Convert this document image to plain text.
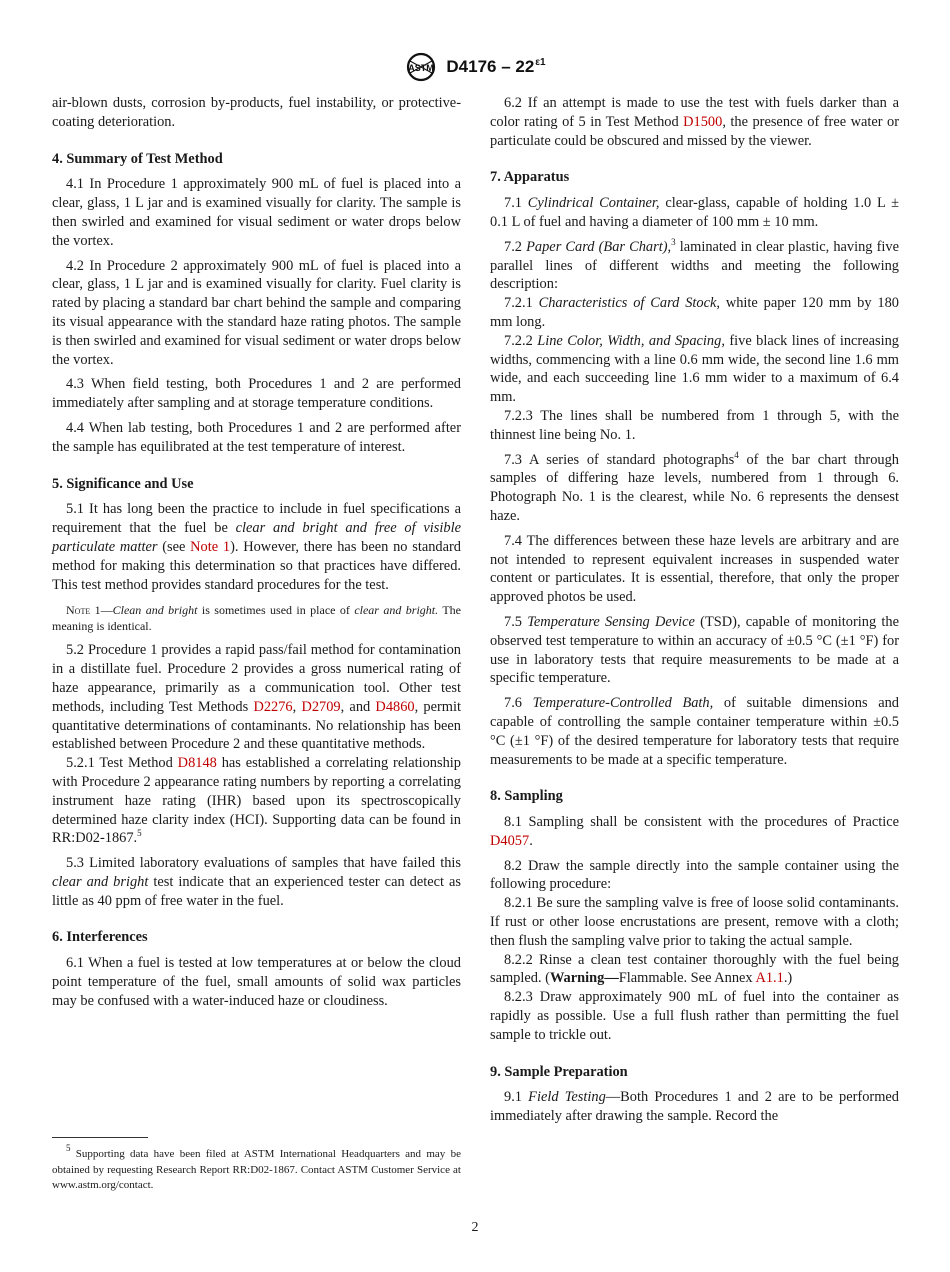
ASTM $D4176 - 22^{\varepsilon 1}$

air-blown dusts, corrosion by-products, fuel instability, or protective-coating deterioration.

4. Summary of Test Method

4.1 In Procedure 1 approximately 900 mL of fuel is placed into a clear, glass, 1 L jar and is examined visually for clarity. The sample is then swirled and examined for visual sediment or water drops below the vortex.

4.2 In Procedure 2 approximately 900 mL of fuel is placed into a clear, glass, 1 L jar and is examined visually for clarity. Fuel clarity is rated by placing a standard bar chart behind the sample and comparing its visual appearance with the standard haze rating photos. The sample is then swirled and examined for visual sediment or water drops below the vortex.

4.3 When field testing, both Procedures 1 and 2 are performed immediately after sampling and at storage temperature conditions.

4.4 When lab testing, both Procedures 1 and 2 are performed after the sample has equilibrated at the test temperature of interest.

5. Significance and Use

5.1 It has long been the practice to include in fuel specifications a requirement that the fuel be clear and bright and free of visible particulate matter (see Note 1). However, there has been no standard method for making this determination so that practices have differed. This test method provides standard procedures for the test.

Note 1—Clean and bright is sometimes used in place of clear and bright. The meaning is identical.

5.2 Procedure 1 provides a rapid pass/fail method for contamination in a distillate fuel. Procedure 2 provides a gross numerical rating of haze appearance, primarily as a communication tool. Other test methods, including Test Methods D2276, D2709, and D4860, permit quantitative determinations of contaminants. No relationship has been established between Procedure 2 and these quantitative methods.

5.2.1 Test Method D8148 has established a correlating relationship with Procedure 2 appearance rating numbers by reporting a correlating instrument haze rating (IHR) based upon its spectroscopically determined haze clarity index (HCI). Supporting data can be found in RR:D02-1867.$^5$

5.3 Limited laboratory evaluations of samples that have failed this clear and bright test indicate that an experienced tester can detect as little as 40 ppm of free water in the fuel.

6. Interferences

6.1 When a fuel is tested at low temperatures at or below the cloud point temperature of the fuel, small amounts of solid wax particles may be confused with a water-induced haze or cloudiness.

6.2 If an attempt is made to use the test with fuels darker than a color rating of 5 in Test Method D1500, the presence of free water or particulate could be obscured and missed by the viewer.

7. Apparatus

7.1 Cylindrical Container, clear-glass, capable of holding 1.0 L ± 0.1 L of fuel and having a diameter of 100 mm ± 10 mm.

7.2 Paper Card (Bar Chart),$^3$ laminated in clear plastic, having five parallel lines of different widths and meeting the following description:

7.2.1 Characteristics of Card Stock, white paper 120 mm by 180 mm long.

7.2.2 Line Color, Width, and Spacing, five black lines of increasing widths, commencing with a line 0.6 mm wide, the second line 1.6 mm wide, and each succeeding line 1.6 mm wider to a maximum of 6.4 mm.

7.2.3 The lines shall be numbered from 1 through 5, with the thinnest line being No. 1.

7.3 A series of standard photographs$^4$ of the bar chart through samples of differing haze levels, numbered from 1 through 6. Photograph No. 1 is the clearest, while No. 6 represents the densest haze.

7.4 The differences between these haze levels are arbitrary and are not intended to represent equivalent increases in suspended water content or particulates. It is essential, therefore, that only the proper approved photos be used.

7.5 Temperature Sensing Device (TSD), capable of monitoring the observed test temperature to within an accuracy of ±0.5 °C (±1 °F) for use in laboratory tests that require measurements to be made at a specific temperature.

7.6 Temperature-Controlled Bath, of suitable dimensions and capable of controlling the sample container temperature within ±0.5 °C (±1 °F) of the desired temperature for laboratory tests that require measurements to be made at a specific temperature.

8. Sampling

8.1 Sampling shall be consistent with the procedures of Practice D4057.

8.2 Draw the sample directly into the sample container using the following procedure:

8.2.1 Be sure the sampling valve is free of loose solid contaminants. If rust or other loose encrustations are present, remove with a cloth; then flush the sampling valve prior to taking the actual sample.

8.2.2 Rinse a clean test container thoroughly with the fuel being sampled. (Warning—Flammable. See Annex A1.1.)

8.2.3 Draw approximately 900 mL of fuel into the container as rapidly as possible. Use a full flush rather than permitting the fuel sample to trickle out.

9. Sample Preparation

9.1 Field Testing—Both Procedures 1 and 2 are to be performed immediately after drawing the sample. Record the

$^5$ Supporting data have been filed at ASTM International Headquarters and may be obtained by requesting Research Report RR:D02-1867. Contact ASTM Customer Service at www.astm.org/contact.

2
